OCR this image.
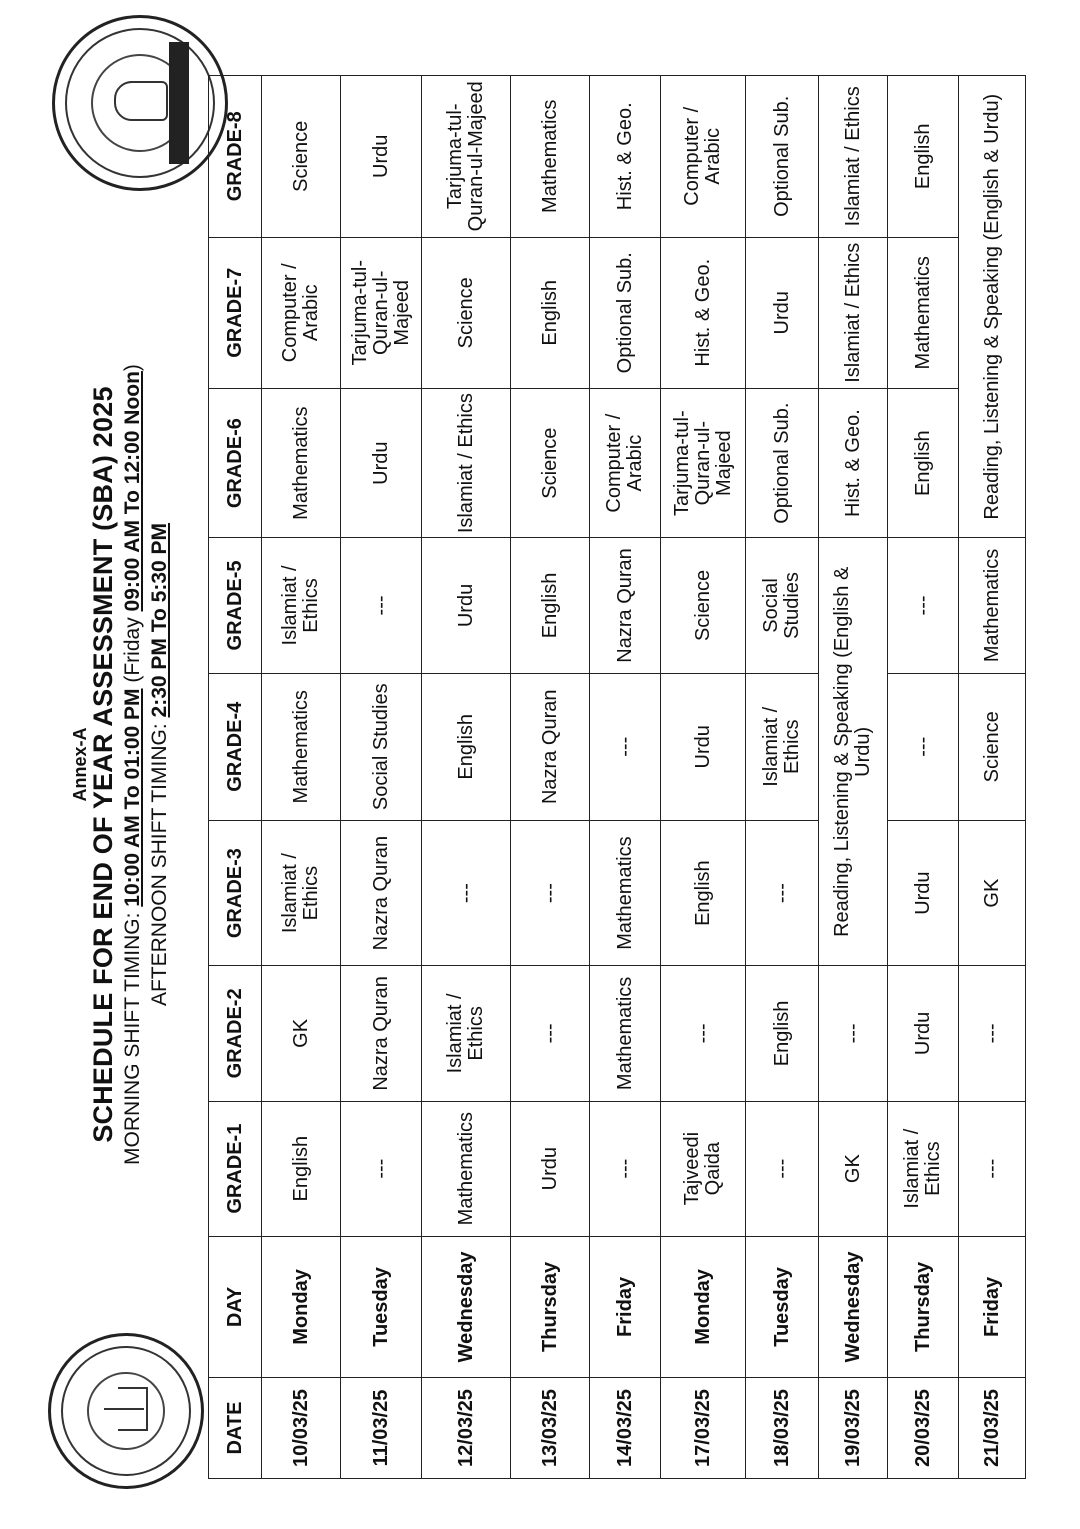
Annex-A
SCHEDULE FOR END OF YEAR ASSESSMENT (SBA) 2025 MORNING SHIFT TIMING: 10:00 AM To 01:00 PM (Friday 09:00 AM To 12:00 Noon)
AFTERNOON SHIFT TIMING: 2:30 PM To 5:30 PM
DATE	DAY	GRADE-1	GRADE-2	GRADE-3	GRADE-4	GRADE-5	GRADE-6	GRADE-7	GRADE-8
10/03/25	Monday	English	GK	Islamiat / Ethics	Mathematics	Islamiat / Ethics	Mathematics	Computer / Arabic	Science
11/03/25	Tuesday	---	Nazra Quran	Nazra Quran	Social Studies	---	Urdu	Tarjuma-tul-Quran-ul-Majeed	Urdu
12/03/25	Wednesday	Mathematics	Islamiat / Ethics	---	English	Urdu	Islamiat / Ethics	Science	Tarjuma-tul-Quran-ul-Majeed
13/03/25	Thursday	Urdu	---	---	Nazra Quran	English	Science	English	Mathematics
14/03/25	Friday	---	Mathematics	Mathematics	---	Nazra Quran	Computer / Arabic	Optional Sub.	Hist. & Geo.
17/03/25	Monday	Tajveedi Qaida	---	English	Urdu	Science	Tarjuma-tul-Quran-ul-Majeed	Hist. & Geo.	Computer / Arabic
18/03/25	Tuesday	---	English	---	Islamiat / Ethics	Social Studies	Optional Sub.	Urdu	Optional Sub.
19/03/25	Wednesday	GK	---	Reading, Listening & Speaking (English & Urdu)			Hist. & Geo.	Islamiat / Ethics	Islamiat / Ethics
20/03/25	Thursday	Islamiat / Ethics	Urdu	Urdu	---	---	English	Mathematics	English
21/03/25	Friday	---	---	GK	Science	Mathematics	Reading, Listening & Speaking (English & Urdu)		
